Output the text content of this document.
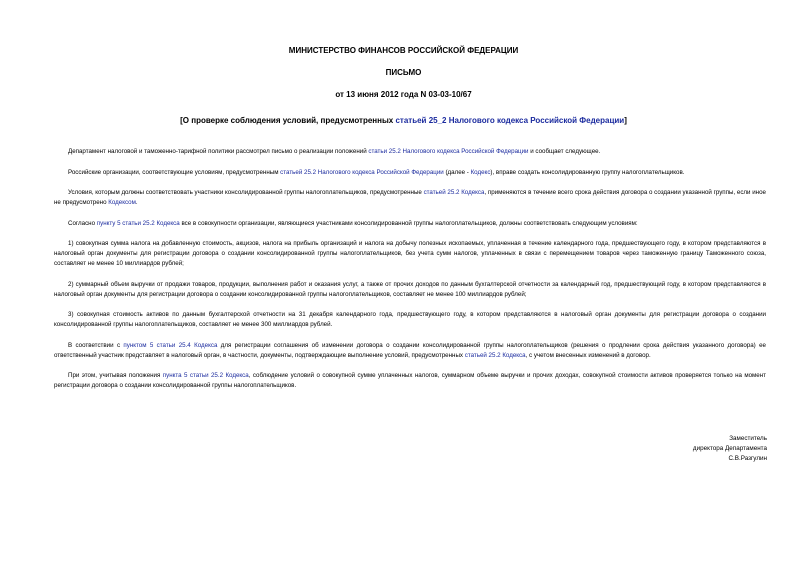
МИНИСТЕРСТВО ФИНАНСОВ РОССИЙСКОЙ ФЕДЕРАЦИИ
ПИСЬМО
от 13 июня 2012 года N 03-03-10/67
[О проверке соблюдения условий, предусмотренных статьей 25_2 Налогового кодекса Российской Федерации]

Департамент налоговой и таможенно-тарифной политики рассмотрел письмо о реализации положений статьи 25.2 Налогового кодекса Российской Федерации и сообщает следующее.

Российские организации, соответствующие условиям, предусмотренным статьей 25.2 Налогового кодекса Российской Федерации (далее - Кодекс), вправе создать консолидированную группу налогоплательщиков.

Условия, которым должны соответствовать участники консолидированной группы налогоплательщиков, предусмотренные статьей 25.2 Кодекса, применяются в течение всего срока действия договора о создании указанной группы, если иное не предусмотрено Кодексом.

Согласно пункту 5 статьи 25.2 Кодекса все в совокупности организации, являющиеся участниками консолидированной группы налогоплательщиков, должны соответствовать следующим условиям:

1) совокупная сумма налога на добавленную стоимость, акцизов, налога на прибыль организаций и налога на добычу полезных ископаемых, уплаченная в течение календарного года, предшествующего году, в котором представляются в налоговый орган документы для регистрации договора о создании консолидированной группы налогоплательщиков, без учета сумм налогов, уплаченных в связи с перемещением товаров через таможенную границу Таможенного союза, составляет не менее 10 миллиардов рублей;

2) суммарный объем выручки от продажи товаров, продукции, выполнения работ и оказания услуг, а также от прочих доходов по данным бухгалтерской отчетности за календарный год, предшествующий году, в котором представляются в налоговый орган документы для регистрации договора о создании консолидированной группы налогоплательщиков, составляет не менее 100 миллиардов рублей;

3) совокупная стоимость активов по данным бухгалтерской отчетности на 31 декабря календарного года, предшествующего году, в котором представляются в налоговый орган документы для регистрации договора о создании консолидированной группы налогоплательщиков, составляет не менее 300 миллиардов рублей.

В соответствии с пунктом 5 статьи 25.4 Кодекса для регистрации соглашения об изменении договора о создании консолидированной группы налогоплательщиков (решения о продлении срока действия указанного договора) ее ответственный участник представляет в налоговый орган, в частности, документы, подтверждающие выполнение условий, предусмотренных статьей 25.2 Кодекса, с учетом внесенных изменений в договор.

При этом, учитывая положения пункта 5 статьи 25.2 Кодекса, соблюдение условий о совокупной сумме уплаченных налогов, суммарном объеме выручки и прочих доходах, совокупной стоимости активов проверяется только на момент регистрации договора о создании консолидированной группы налогоплательщиков.

Заместитель
директора Департамента
С.В.Разгулин
